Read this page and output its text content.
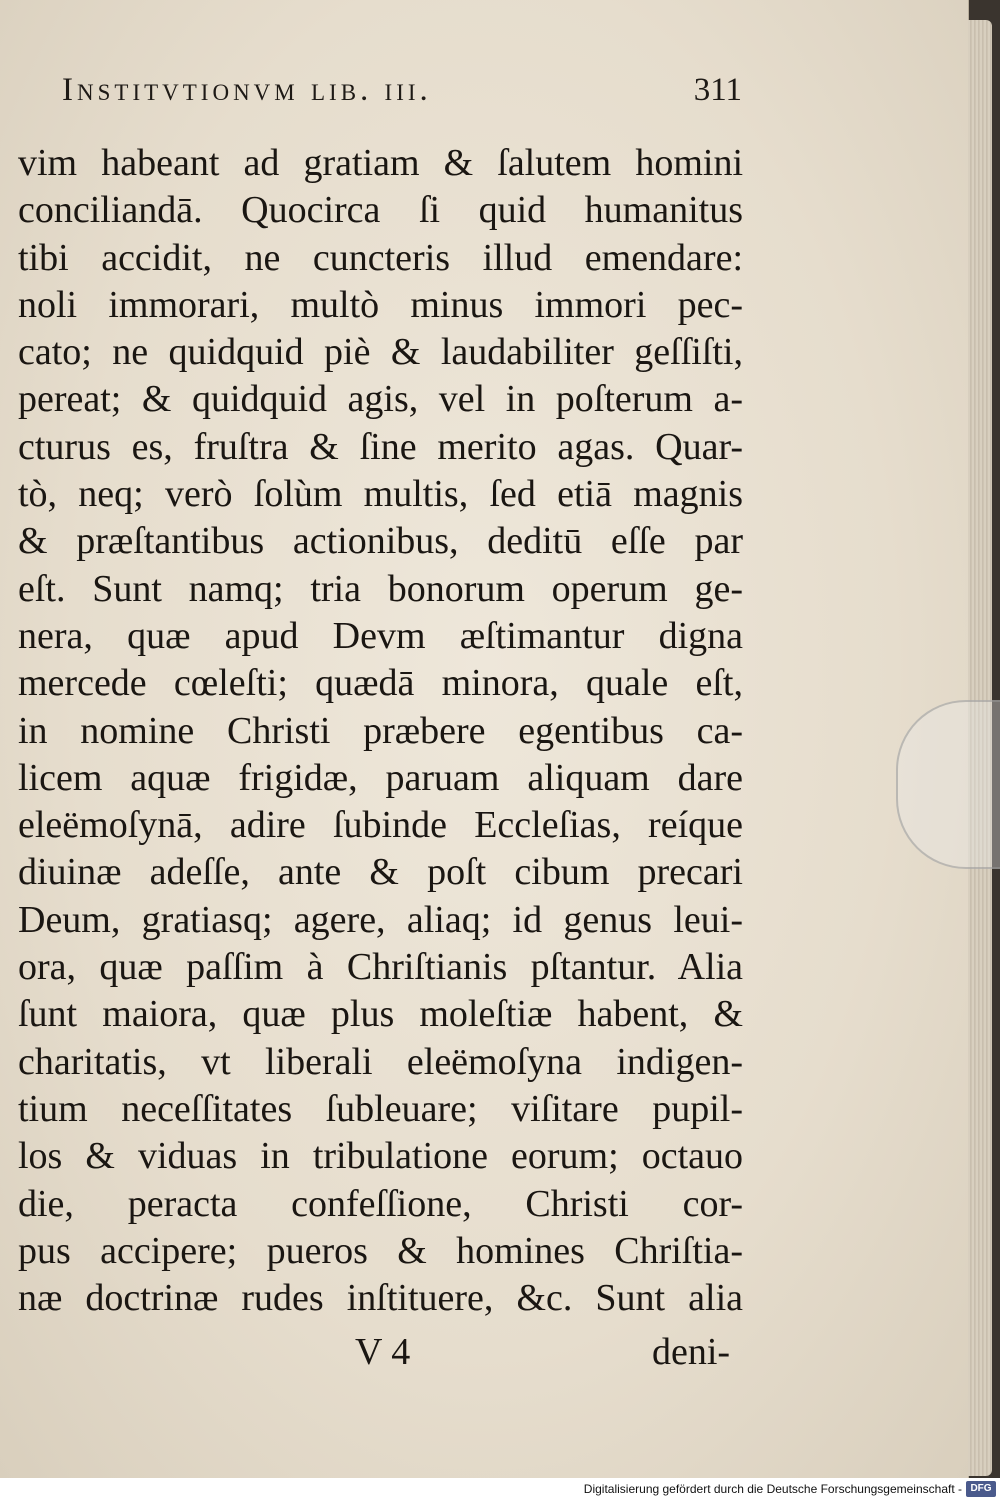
Institvtionvm lib. iii.	311
vim habeant ad gratiam & ſalutem homini
conciliandā. Quocirca ſi quid humanitus
tibi accidit, ne cuncteris illud emendare:
noli immorari, multò minus immori pec-
cato; ne quidquid piè & laudabiliter geſſiſti,
pereat; & quidquid agis, vel in poſterum a-
cturus es, fruſtra & ſine merito agas. Quar-
tò, neq; verò ſolùm multis, ſed etiā magnis
& præſtantibus actionibus, deditū eſſe par
eſt. Sunt namq; tria bonorum operum ge-
nera, quæ apud Devm æſtimantur digna
mercede cœleſti; quædā minora, quale eſt,
in nomine Christi præbere egentibus ca-
licem aquæ frigidæ, paruam aliquam dare
eleëmoſynā, adire ſubinde Eccleſias, reíque
diuinæ adeſſe, ante & poſt cibum precari
Deum, gratiasq; agere, aliaq; id genus leui-
ora, quæ paſſim à Chriſtianis pſtantur. Alia
ſunt maiora, quæ plus moleſtiæ habent, &
charitatis, vt liberali eleëmoſyna indigen-
tium neceſſitates ſubleuare; viſitare pupil-
los & viduas in tribulatione eorum; octauo
die, peracta confeſſione, Christi cor-
pus accipere; pueros & homines Chriſtia-
næ doctrinæ rudes inſtituere, &c. Sunt alia
V 4	deni-
Digitalisierung gefördert durch die Deutsche Forschungsgemeinschaft - DFG
